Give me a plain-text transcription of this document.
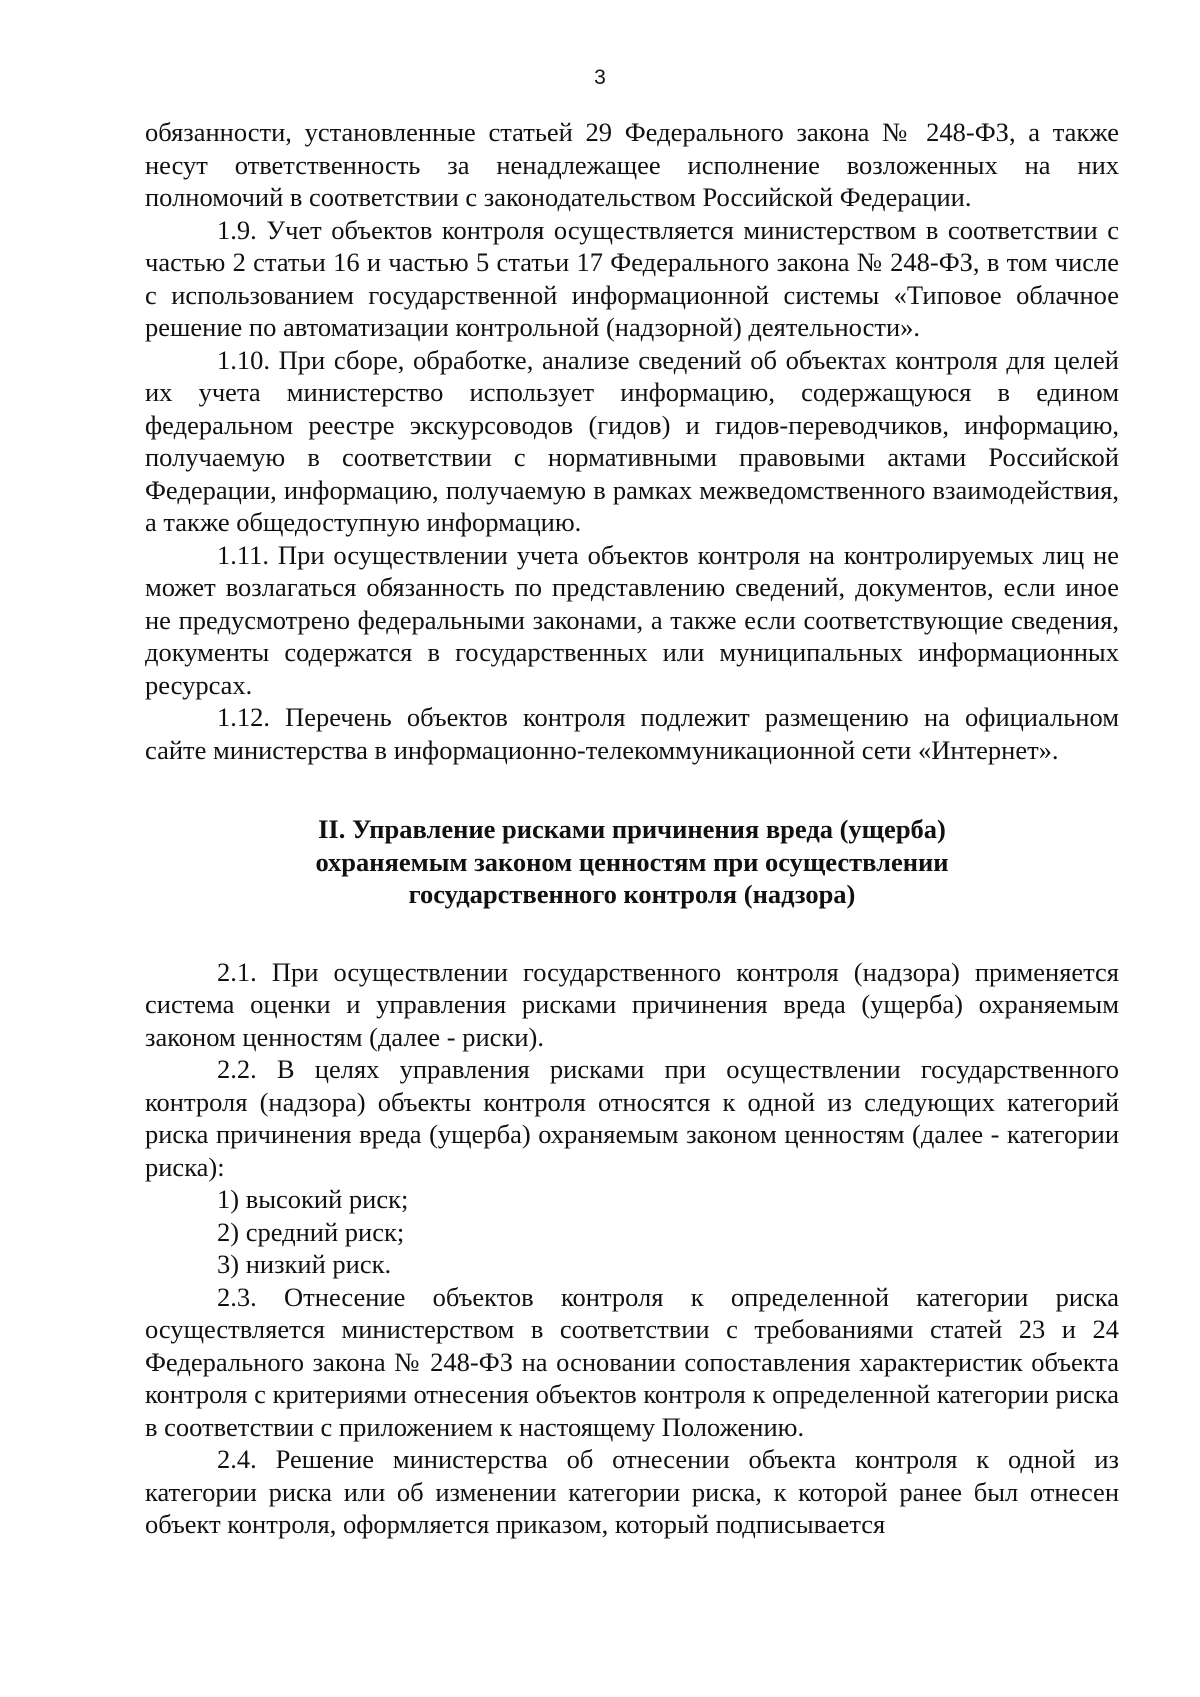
3

обязанности, установленные статьей 29 Федерального закона № 248-ФЗ, а также несут ответственность за ненадлежащее исполнение возложенных на них полномочий в соответствии с законодательством Российской Федерации.

1.9. Учет объектов контроля осуществляется министерством в соответствии с частью 2 статьи 16 и частью 5 статьи 17 Федерального закона № 248-ФЗ, в том числе с использованием государственной информационной системы «Типовое облачное решение по автоматизации контрольной (надзорной) деятельности».

1.10. При сборе, обработке, анализе сведений об объектах контроля для целей их учета министерство использует информацию, содержащуюся в едином федеральном реестре экскурсоводов (гидов) и гидов-переводчиков, информацию, получаемую в соответствии с нормативными правовыми актами Российской Федерации, информацию, получаемую в рамках межведомственного взаимодействия, а также общедоступную информацию.

1.11. При осуществлении учета объектов контроля на контролируемых лиц не может возлагаться обязанность по представлению сведений, документов, если иное не предусмотрено федеральными законами, а также если соответствующие сведения, документы содержатся в государственных или муниципальных информационных ресурсах.

1.12. Перечень объектов контроля подлежит размещению на официальном сайте министерства в информационно-телекоммуникационной сети «Интернет».

II. Управление рисками причинения вреда (ущерба)
охраняемым законом ценностям при осуществлении
государственного контроля (надзора)

2.1. При осуществлении государственного контроля (надзора) применяется система оценки и управления рисками причинения вреда (ущерба) охраняемым законом ценностям (далее - риски).

2.2. В целях управления рисками при осуществлении государственного контроля (надзора) объекты контроля относятся к одной из следующих категорий риска причинения вреда (ущерба) охраняемым законом ценностям (далее - категории риска):

1) высокий риск;

2) средний риск;

3) низкий риск.

2.3. Отнесение объектов контроля к определенной категории риска осуществляется министерством в соответствии с требованиями статей 23 и 24 Федерального закона № 248-ФЗ на основании сопоставления характеристик объекта контроля с критериями отнесения объектов контроля к определенной категории риска в соответствии с приложением к настоящему Положению.

2.4. Решение министерства об отнесении объекта контроля к одной из категории риска или об изменении категории риска, к которой ранее был отнесен объект контроля, оформляется приказом, который подписывается
